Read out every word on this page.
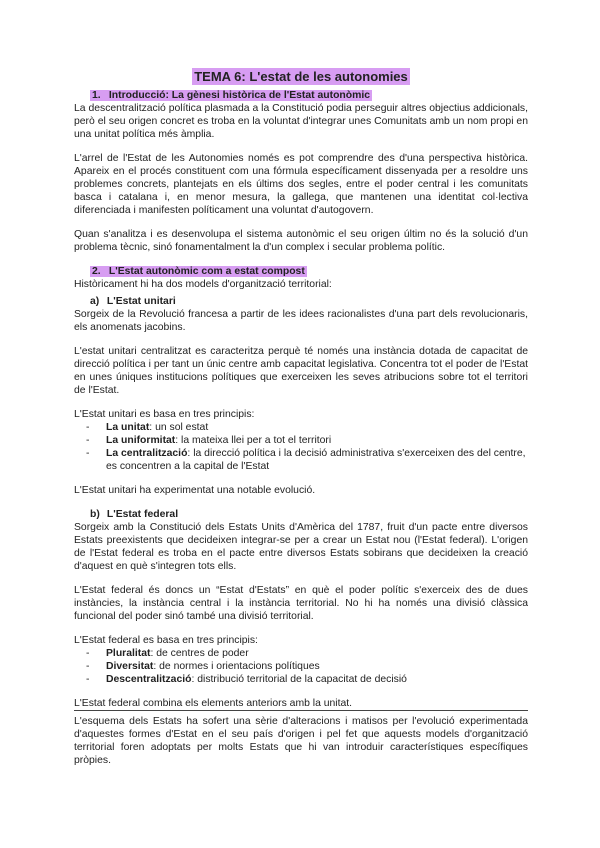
TEMA 6: L'estat de les autonomies
1. Introducció: La gènesi històrica de l'Estat autonòmic

La descentralització política plasmada a la Constitució podia perseguir altres objectius addicionals, però el seu origen concret es troba en la voluntat d'integrar unes Comunitats amb un nom propi en una unitat política més àmplia.

L'arrel de l'Estat de les Autonomies només es pot comprendre des d'una perspectiva històrica. Apareix en el procés constituent com una fórmula específicament dissenyada per a resoldre uns problemes concrets, plantejats en els últims dos segles, entre el poder central i les comunitats basca i catalana i, en menor mesura, la gallega, que mantenen una identitat col·lectiva diferenciada i manifesten políticament una voluntat d'autogovern.

Quan s'analitza i es desenvolupa el sistema autonòmic el seu origen últim no és la solució d'un problema tècnic, sinó fonamentalment la d'un complex i secular problema polític.

2. L'Estat autonòmic com a estat compost

Històricament hi ha dos models d'organització territorial:

a) L'Estat unitari

Sorgeix de la Revolució francesa a partir de les idees racionalistes d'una part dels revolucionaris, els anomenats jacobins.

L'estat unitari centralitzat es caracteritza perquè té només una instància dotada de capacitat de direcció política i per tant un únic centre amb capacitat legislativa. Concentra tot el poder de l'Estat en unes úniques institucions polítiques que exerceixen les seves atribucions sobre tot el territori de l'Estat.

L'Estat unitari es basa en tres principis:

- La unitat: un sol estat
- La uniformitat: la mateixa llei per a tot el territori
- La centralització: la direcció política i la decisió administrativa s'exerceixen des del centre, es concentren a la capital de l'Estat

L'Estat unitari ha experimentat una notable evolució.

b) L'Estat federal

Sorgeix amb la Constitució dels Estats Units d'Amèrica del 1787, fruit d'un pacte entre diversos Estats preexistents que decideixen integrar-se per a crear un Estat nou (l'Estat federal). L'origen de l'Estat federal es troba en el pacte entre diversos Estats sobirans que decideixen la creació d'aquest en què s'integren tots ells.

L'Estat federal és doncs un “Estat d'Estats” en què el poder polític s'exerceix des de dues instàncies, la instància central i la instància territorial. No hi ha només una divisió clàssica funcional del poder sinó també una divisió territorial.

L'Estat federal es basa en tres principis:

- Pluralitat: de centres de poder
- Diversitat: de normes i orientacions polítiques
- Descentralització: distribució territorial de la capacitat de decisió

L'Estat federal combina els elements anteriors amb la unitat.

L'esquema dels Estats ha sofert una sèrie d'alteracions i matisos per l'evolució experimentada d'aquestes formes d'Estat en el seu país d'origen i pel fet que aquests models d'organització territorial foren adoptats per molts Estats que hi van introduir característiques específiques pròpies.
